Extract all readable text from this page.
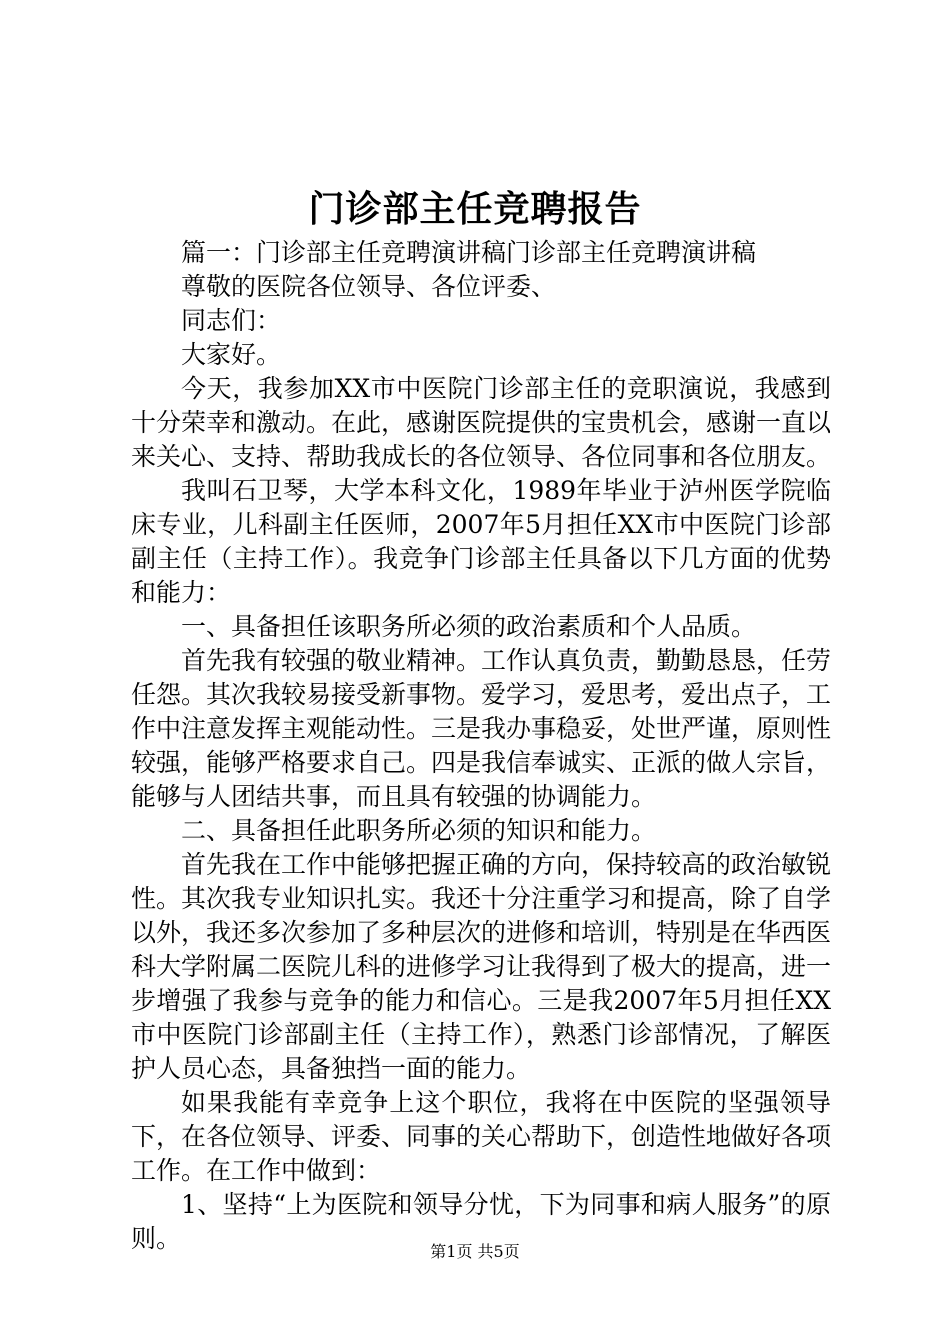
门诊部主任竞聘报告

篇一：门诊部主任竞聘演讲稿门诊部主任竞聘演讲稿

尊敬的医院各位领导、各位评委、

同志们：

大家好。

今天，我参加XX市中医院门诊部主任的竞职演说，我感到十分荣幸和激动。在此，感谢医院提供的宝贵机会，感谢一直以来关心、支持、帮助我成长的各位领导、各位同事和各位朋友。

我叫石卫琴，大学本科文化，1989年毕业于泸州医学院临床专业，儿科副主任医师，2007年5月担任XX市中医院门诊部副主任（主持工作）。我竞争门诊部主任具备以下几方面的优势和能力：

一、具备担任该职务所必须的政治素质和个人品质。

首先我有较强的敬业精神。工作认真负责，勤勤恳恳，任劳任怨。其次我较易接受新事物。爱学习，爱思考，爱出点子，工作中注意发挥主观能动性。三是我办事稳妥，处世严谨，原则性较强，能够严格要求自己。四是我信奉诚实、正派的做人宗旨，能够与人团结共事，而且具有较强的协调能力。

二、具备担任此职务所必须的知识和能力。

首先我在工作中能够把握正确的方向，保持较高的政治敏锐性。其次我专业知识扎实。我还十分注重学习和提高，除了自学以外，我还多次参加了多种层次的进修和培训，特别是在华西医科大学附属二医院儿科的进修学习让我得到了极大的提高，进一步增强了我参与竞争的能力和信心。三是我2007年5月担任XX市中医院门诊部副主任（主持工作），熟悉门诊部情况，了解医护人员心态，具备独挡一面的能力。

如果我能有幸竞争上这个职位，我将在中医院的坚强领导下，在各位领导、评委、同事的关心帮助下，创造性地做好各项工作。在工作中做到：

1、坚持“上为医院和领导分忧，下为同事和病人服务”的原则。	第1页 共5页
